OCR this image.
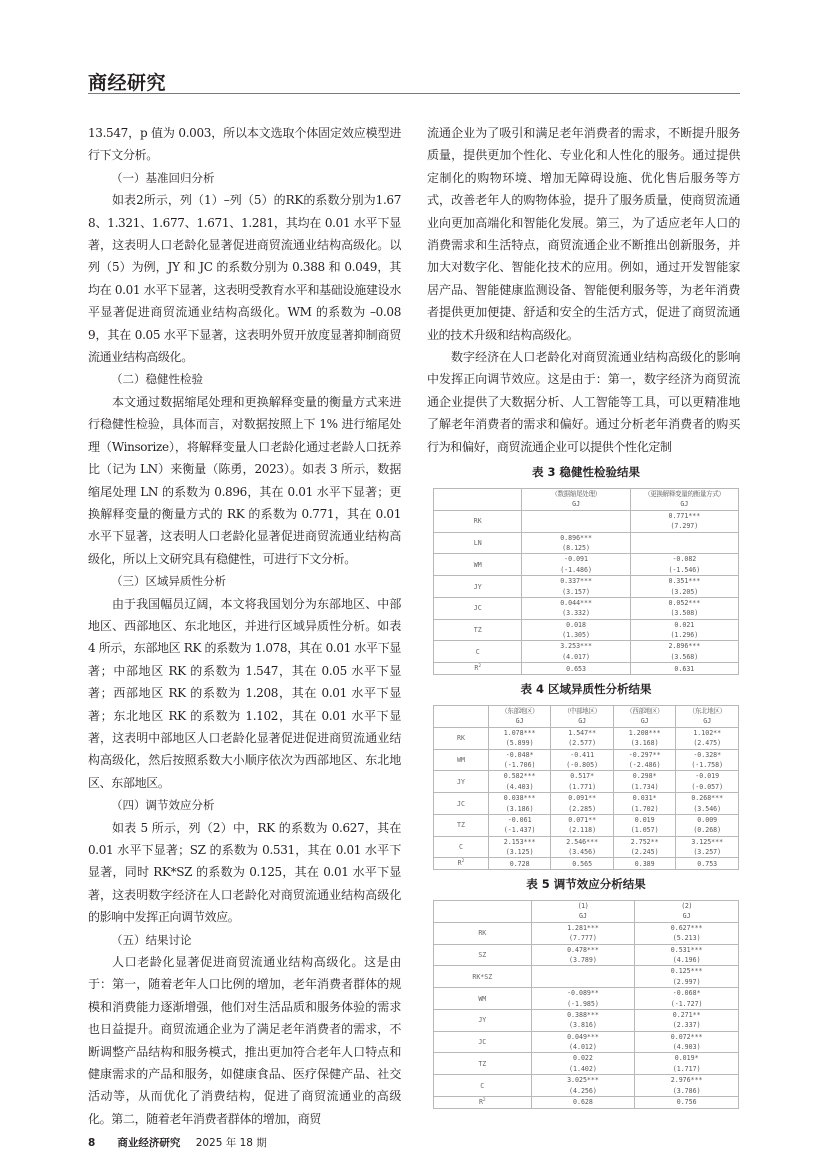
商经研究

13.547，p 值为 0.003，所以本文选取个体固定效应模型进行下文分析。

（一）基准回归分析

如表2所示，列（1）–列（5）的RK的系数分别为1.678、1.321、1.677、1.671、1.281，其均在 0.01 水平下显著，这表明人口老龄化显著促进商贸流通业结构高级化。以列（5）为例，JY 和 JC 的系数分别为 0.388 和 0.049，其均在 0.01 水平下显著，这表明受教育水平和基础设施建设水平显著促进商贸流通业结构高级化。WM 的系数为 –0.089，其在 0.05 水平下显著，这表明外贸开放度显著抑制商贸流通业结构高级化。

（二）稳健性检验

本文通过数据缩尾处理和更换解释变量的衡量方式来进行稳健性检验，具体而言，对数据按照上下 1% 进行缩尾处理（Winsorize），将解释变量人口老龄化通过老龄人口抚养比（记为 LN）来衡量（陈勇，2023）。如表 3 所示，数据缩尾处理 LN 的系数为 0.896，其在 0.01 水平下显著；更换解释变量的衡量方式的 RK 的系数为 0.771，其在 0.01 水平下显著，这表明人口老龄化显著促进商贸流通业结构高级化，所以上文研究具有稳健性，可进行下文分析。

（三）区域异质性分析

由于我国幅员辽阔，本文将我国划分为东部地区、中部地区、西部地区、东北地区，并进行区域异质性分析。如表 4 所示，东部地区 RK 的系数为 1.078，其在 0.01 水平下显著；中部地区 RK 的系数为 1.547，其在 0.05 水平下显著；西部地区 RK 的系数为 1.208，其在 0.01 水平下显著；东北地区 RK 的系数为 1.102，其在 0.01 水平下显著，这表明中部地区人口老龄化显著促进促进商贸流通业结构高级化，然后按照系数大小顺序依次为西部地区、东北地区、东部地区。

（四）调节效应分析

如表 5 所示，列（2）中，RK 的系数为 0.627，其在 0.01 水平下显著；SZ 的系数为 0.531，其在 0.01 水平下显著，同时 RK*SZ 的系数为 0.125，其在 0.01 水平下显著，这表明数字经济在人口老龄化对商贸流通业结构高级化的影响中发挥正向调节效应。

（五）结果讨论

人口老龄化显著促进商贸流通业结构高级化。这是由于：第一，随着老年人口比例的增加，老年消费者群体的规模和消费能力逐渐增强，他们对生活品质和服务体验的需求也日益提升。商贸流通企业为了满足老年消费者的需求，不断调整产品结构和服务模式，推出更加符合老年人口特点和健康需求的产品和服务，如健康食品、医疗保健产品、社交活动等，从而优化了消费结构，促进了商贸流通业的高级化。第二，随着老年消费者群体的增加，商贸

流通企业为了吸引和满足老年消费者的需求，不断提升服务质量，提供更加个性化、专业化和人性化的服务。通过提供定制化的购物环境、增加无障碍设施、优化售后服务等方式，改善老年人的购物体验，提升了服务质量，使商贸流通业向更加高端化和智能化发展。第三，为了适应老年人口的消费需求和生活特点，商贸流通企业不断推出创新服务，并加大对数字化、智能化技术的应用。例如，通过开发智能家居产品、智能健康监测设备、智能便利服务等，为老年消费者提供更加便捷、舒适和安全的生活方式，促进了商贸流通业的技术升级和结构高级化。

数字经济在人口老龄化对商贸流通业结构高级化的影响中发挥正向调节效应。这是由于：第一，数字经济为商贸流通企业提供了大数据分析、人工智能等工具，可以更精准地了解老年消费者的需求和偏好。通过分析老年消费者的购买行为和偏好，商贸流通企业可以提供个性化定制

表 3 稳健性检验结果

	（数据缩尾处理）
GJ	（更换解释变量的衡量方式）
GJ

RK		0.771***
(7.297)

LN	0.896***
(8.125)	

WM	-0.091
(-1.486)	-0.082
(-1.546)

JY	0.337***
(3.157)	0.351***
(3.205)

JC	0.044***
(3.332)	0.052***
(3.508)

TZ	0.018
(1.305)	0.021
(1.296)

C	3.253***
(4.017)	2.896***
(3.568)

$R^2$	0.653	0.631
表 4 区域异质性分析结果

	（东部地区）
GJ	（中部地区）
GJ	（西部地区）
GJ	（东北地区）
GJ

RK	1.078***
(5.899)	1.547**
(2.577)	1.208***
(3.168)	1.102**
(2.475)

WM	-0.048*
(-1.706)	-0.411
(-0.805)	-0.297**
(-2.486)	-0.328*
(-1.758)

JY	0.582***
(4.403)	0.517*
(1.771)	0.298*
(1.734)	-0.019
(-0.057)

JC	0.038***
(3.186)	0.091**
(2.285)	0.031*
(1.702)	0.268***
(3.546)

TZ	-0.061
(-1.437)	0.071**
(2.118)	0.019
(1.057)	0.009
(0.268)

C	2.153***
(3.125)	2.546***
(3.456)	2.752**
(2.245)	3.125***
(3.257)

$R^2$	0.728	0.565	0.389	0.753
表 5 调节效应分析结果

	(1)
GJ	(2)
GJ

RK	1.281***
(7.777)	0.627***
(5.213)

SZ	0.478***
(3.789)	0.531***
(4.196)

RK*SZ		0.125***
(2.997)

WM	-0.089**
(-1.985)	-0.068*
(-1.727)

JY	0.388***
(3.816)	0.271**
(2.337)

JC	0.049***
(4.012)	0.072***
(4.903)

TZ	0.022
(1.402)	0.019*
(1.717)

C	3.025***
(4.256)	2.976***
(3.786)

$R^2$	0.628	0.756
8 商业经济研究 2025 年 18 期
